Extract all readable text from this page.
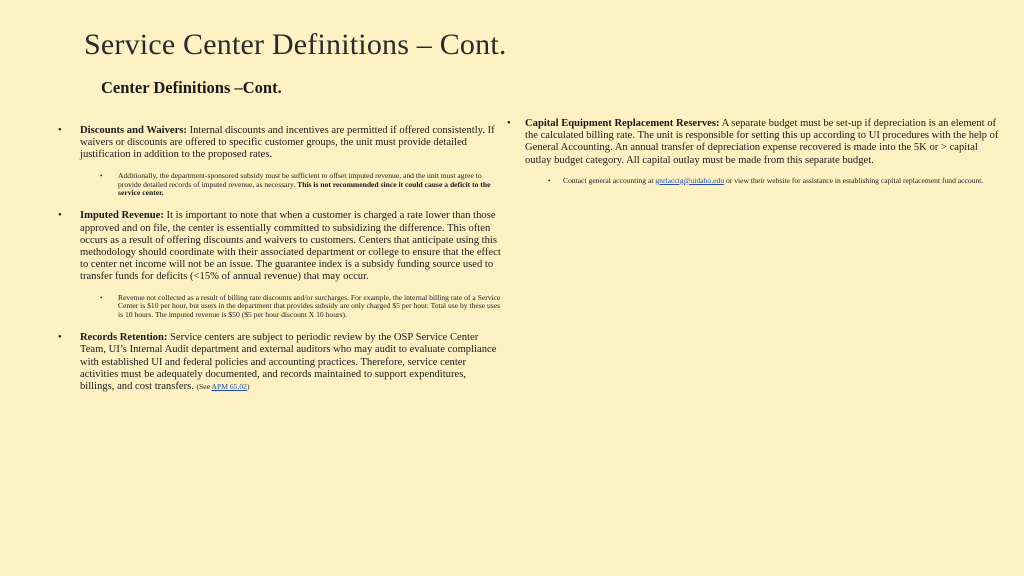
Service Center Definitions – Cont.
Center Definitions –Cont.

• Discounts and Waivers: Internal discounts and incentives are permitted if offered consistently. If waivers or discounts are offered to specific customer groups, the unit must provide detailed justification in addition to the proposed rates.

• Additionally, the department-sponsored subsidy must be sufficient to offset imputed revenue, and the unit must agree to provide detailed records of imputed revenue, as necessary. This is not recommended since it could cause a deficit to the service center.

• Imputed Revenue: It is important to note that when a customer is charged a rate lower than those approved and on file, the center is essentially committed to subsidizing the difference. This often occurs as a result of offering discounts and waivers to customers. Centers that anticipate using this methodology should coordinate with their associated department or college to ensure that the effect to center net income will not be an issue. The guarantee index is a subsidy funding source used to transfer funds for deficits (<15% of annual revenue) that may occur.

• Revenue not collected as a result of billing rate discounts and/or surcharges. For example, the internal billing rate of a Service Center is $10 per hour, but users in the department that provides subsidy are only charged $5 per hour. Total use by these uses is 10 hours. The imputed revenue is $50 ($5 per hour discount X 10 hours).

• Records Retention: Service centers are subject to periodic review by the OSP Service Center Team, UI’s Internal Audit department and external auditors who may audit to evaluate compliance with established UI and federal policies and accounting practices. Therefore, service center activities must be adequately documented, and records maintained to support expenditures, billings, and cost transfers. (See APM 65.02)

• Capital Equipment Replacement Reserves: A separate budget must be set-up if depreciation is an element of the calculated billing rate. The unit is responsible for setting this up according to UI procedures with the help of General Accounting. An annual transfer of depreciation expense recovered is made into the 5K or > capital outlay budget category. All capital outlay must be made from this separate budget.

• Contact general accounting at gnrlacctg@uidaho.edu or view their website for assistance in establishing capital replacement fund account.
